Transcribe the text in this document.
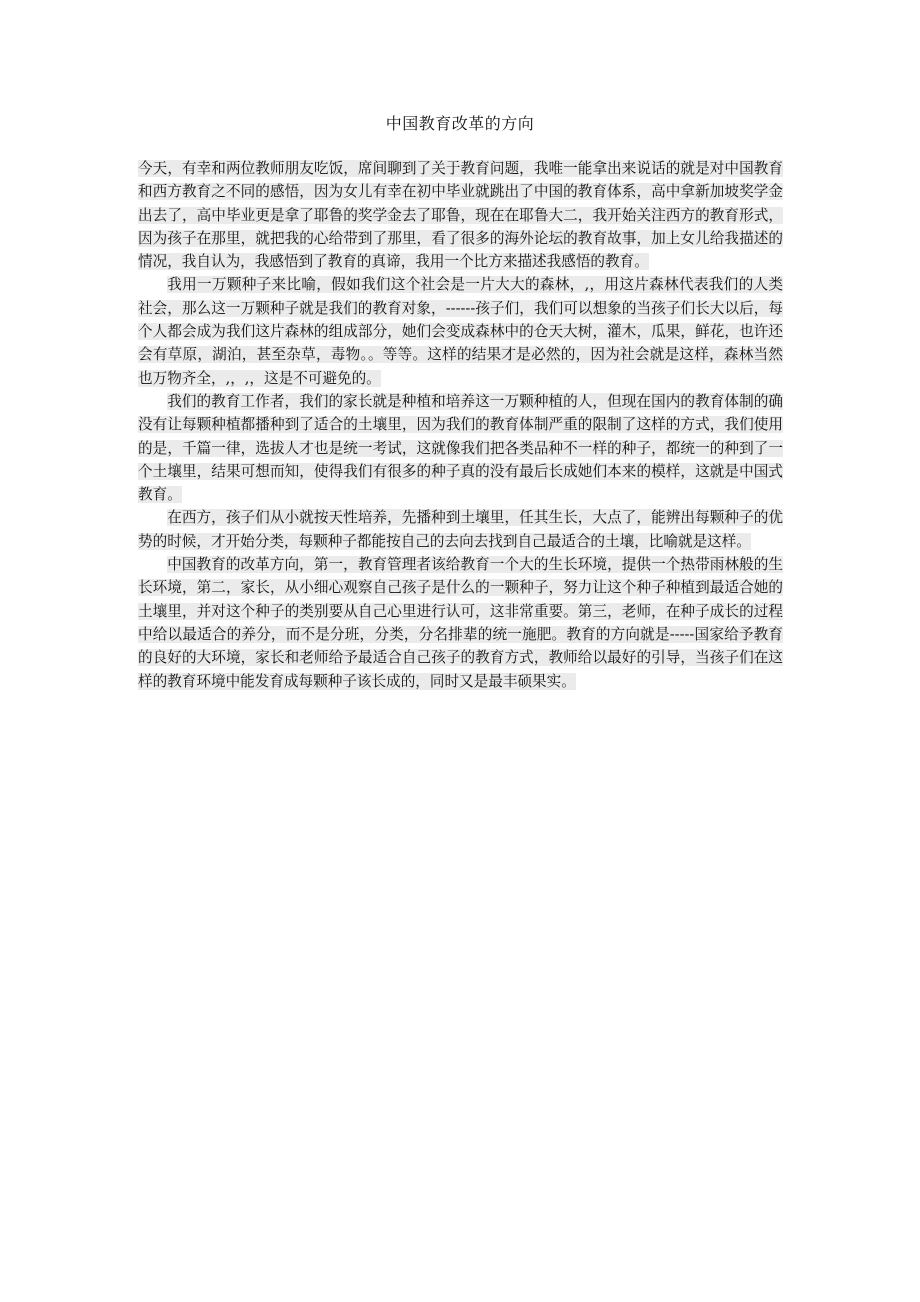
中国教育改革的方向

今天，有幸和两位教师朋友吃饭，席间聊到了关于教育问题，我唯一能拿出来说话的就是对中国教育和西方教育之不同的感悟，因为女儿有幸在初中毕业就跳出了中国的教育体系，高中拿新加坡奖学金出去了，高中毕业更是拿了耶鲁的奖学金去了耶鲁，现在在耶鲁大二，我开始关注西方的教育形式，因为孩子在那里，就把我的心给带到了那里，看了很多的海外论坛的教育故事，加上女儿给我描述的情况，我自认为，我感悟到了教育的真谛，我用一个比方来描述我感悟的教育。

我用一万颗种子来比喻，假如我们这个社会是一片大大的森林，,，用这片森林代表我们的人类社会，那么这一万颗种子就是我们的教育对象，------孩子们，我们可以想象的当孩子们长大以后，每个人都会成为我们这片森林的组成部分，她们会变成森林中的仓天大树，灌木，瓜果，鲜花，也许还会有草原，湖泊，甚至杂草，毒物。。等等。这样的结果才是必然的，因为社会就是这样，森林当然也万物齐全，,，,，这是不可避免的。

我们的教育工作者，我们的家长就是种植和培养这一万颗种植的人，但现在国内的教育体制的确没有让每颗种植都播种到了适合的土壤里，因为我们的教育体制严重的限制了这样的方式，我们使用的是，千篇一律，选拔人才也是统一考试，这就像我们把各类品种不一样的种子，都统一的种到了一个土壤里，结果可想而知，使得我们有很多的种子真的没有最后长成她们本来的模样，这就是中国式教育。

在西方，孩子们从小就按天性培养，先播种到土壤里，任其生长，大点了，能辨出每颗种子的优势的时候，才开始分类，每颗种子都能按自己的去向去找到自己最适合的土壤，比喻就是这样。

中国教育的改革方向，第一，教育管理者该给教育一个大的生长环境，提供一个热带雨林般的生长环境，第二，家长，从小细心观察自己孩子是什么的一颗种子，努力让这个种子种植到最适合她的土壤里，并对这个种子的类别要从自己心里进行认可，这非常重要。第三，老师，在种子成长的过程中给以最适合的养分，而不是分班，分类，分名排辈的统一施肥。教育的方向就是-----国家给予教育的良好的大环境，家长和老师给予最适合自己孩子的教育方式，教师给以最好的引导，当孩子们在这样的教育环境中能发育成每颗种子该长成的，同时又是最丰硕果实。
